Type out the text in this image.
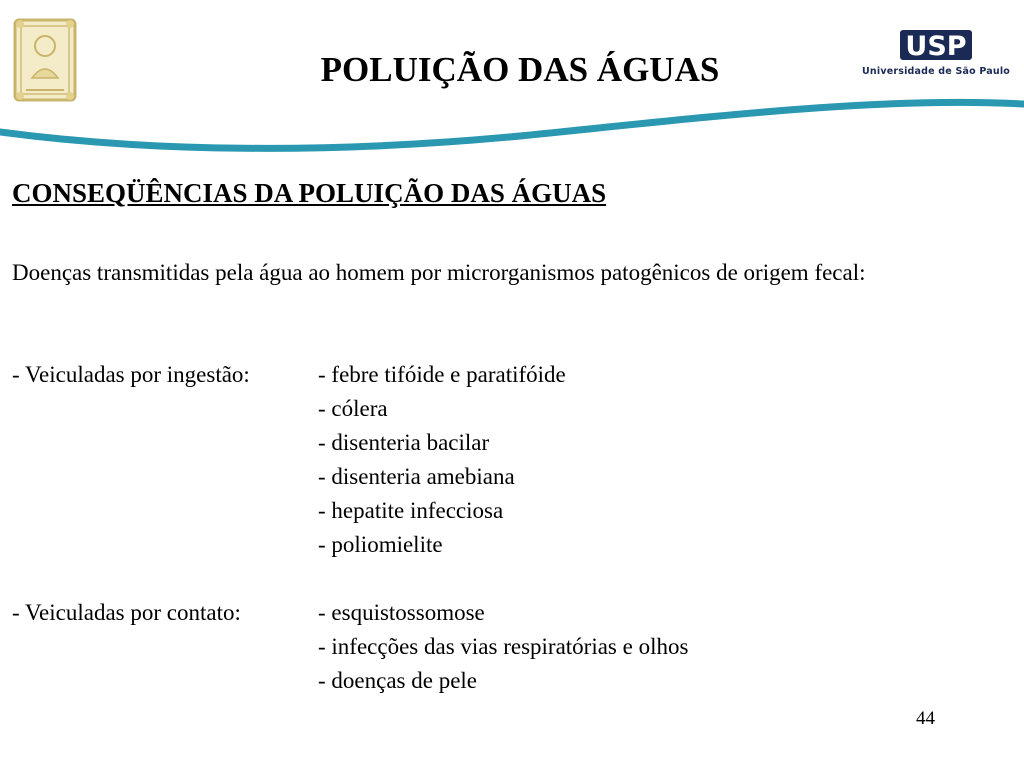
USP
Universidade de São Paulo
POLUIÇÃO DAS ÁGUAS
CONSEQÜÊNCIAS DA POLUIÇÃO DAS ÁGUAS

Doenças transmitidas pela água ao homem por microrganismos patogênicos de origem fecal:

- Veiculadas por ingestão:	- febre tifóide e paratifóide
- cólera
- disenteria bacilar
- disenteria amebiana
- hepatite infecciosa
- poliomielite
- Veiculadas por contato:	- esquistossomose
- infecções das vias respiratórias e olhos
- doenças de pele
44
